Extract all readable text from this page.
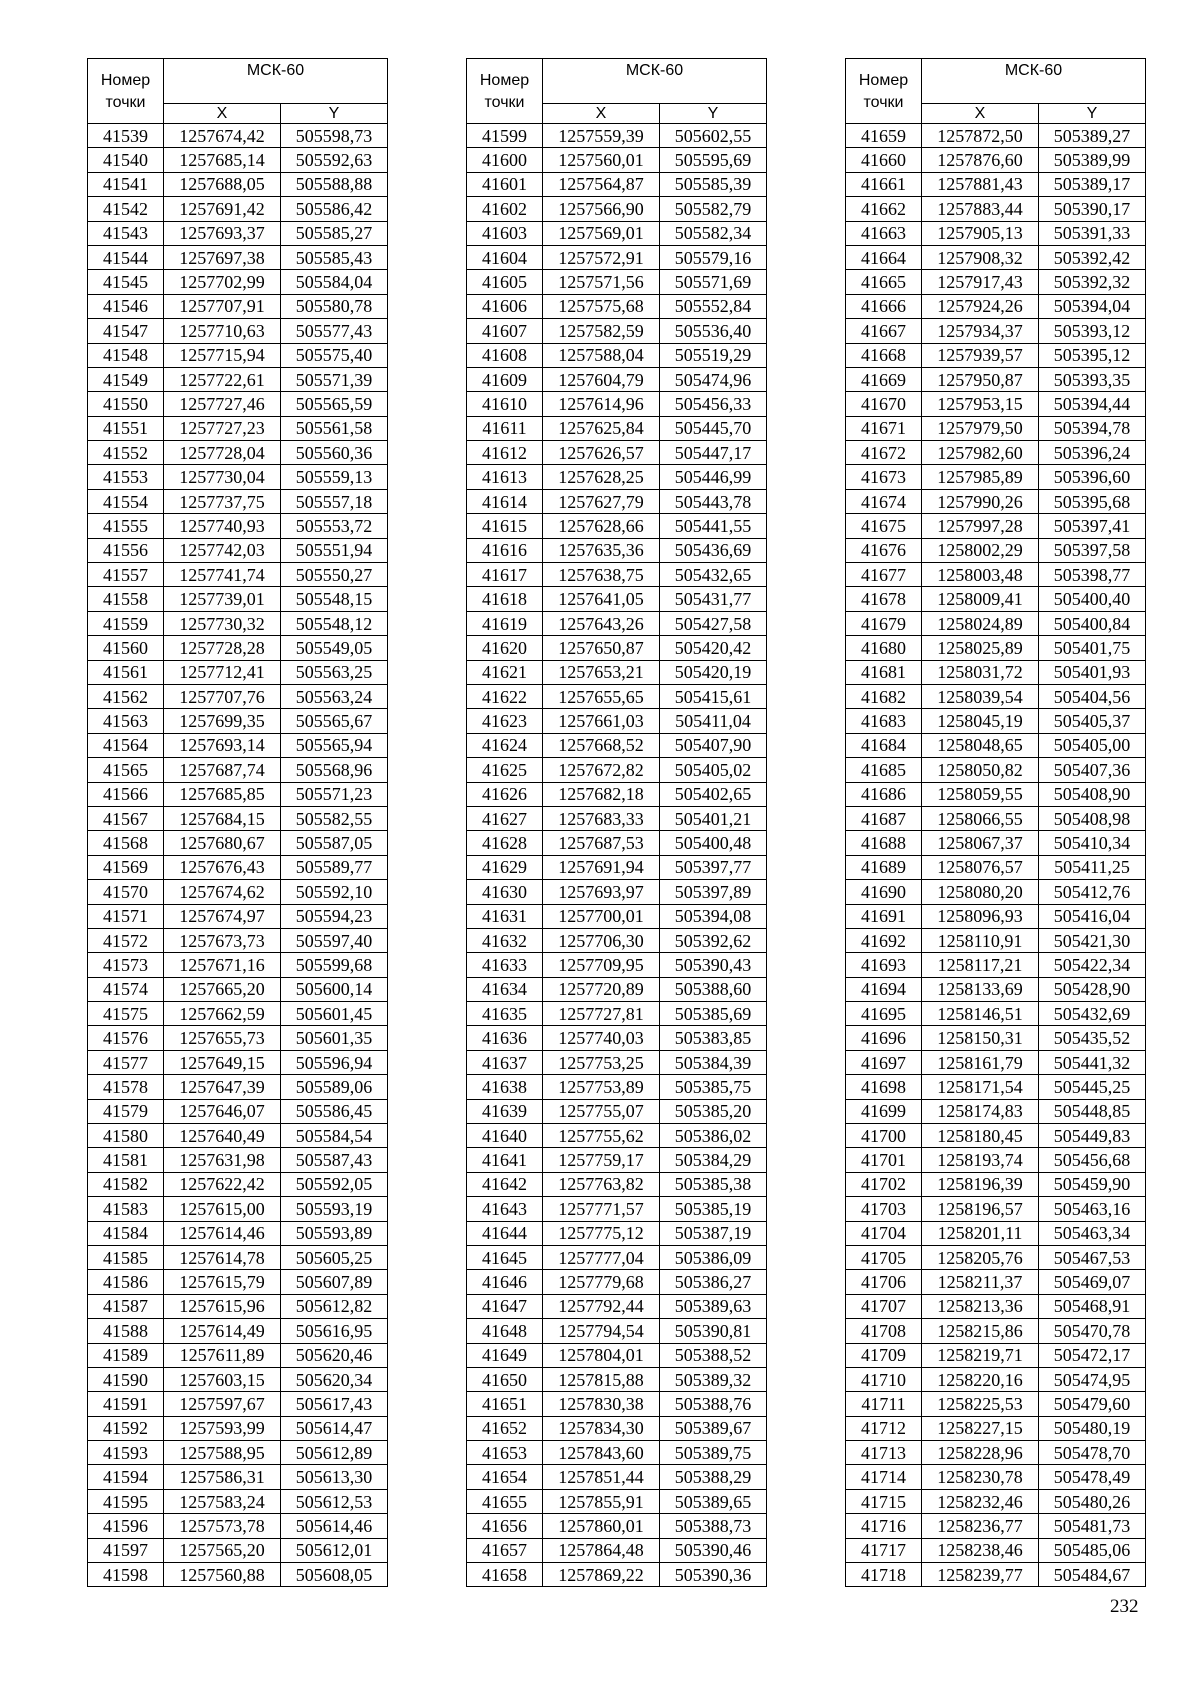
Номер
точки	МСК-60	
	X	Y
41539	1257674,42	505598,73
41540	1257685,14	505592,63
41541	1257688,05	505588,88
41542	1257691,42	505586,42
41543	1257693,37	505585,27
41544	1257697,38	505585,43
41545	1257702,99	505584,04
41546	1257707,91	505580,78
41547	1257710,63	505577,43
41548	1257715,94	505575,40
41549	1257722,61	505571,39
41550	1257727,46	505565,59
41551	1257727,23	505561,58
41552	1257728,04	505560,36
41553	1257730,04	505559,13
41554	1257737,75	505557,18
41555	1257740,93	505553,72
41556	1257742,03	505551,94
41557	1257741,74	505550,27
41558	1257739,01	505548,15
41559	1257730,32	505548,12
41560	1257728,28	505549,05
41561	1257712,41	505563,25
41562	1257707,76	505563,24
41563	1257699,35	505565,67
41564	1257693,14	505565,94
41565	1257687,74	505568,96
41566	1257685,85	505571,23
41567	1257684,15	505582,55
41568	1257680,67	505587,05
41569	1257676,43	505589,77
41570	1257674,62	505592,10
41571	1257674,97	505594,23
41572	1257673,73	505597,40
41573	1257671,16	505599,68
41574	1257665,20	505600,14
41575	1257662,59	505601,45
41576	1257655,73	505601,35
41577	1257649,15	505596,94
41578	1257647,39	505589,06
41579	1257646,07	505586,45
41580	1257640,49	505584,54
41581	1257631,98	505587,43
41582	1257622,42	505592,05
41583	1257615,00	505593,19
41584	1257614,46	505593,89
41585	1257614,78	505605,25
41586	1257615,79	505607,89
41587	1257615,96	505612,82
41588	1257614,49	505616,95
41589	1257611,89	505620,46
41590	1257603,15	505620,34
41591	1257597,67	505617,43
41592	1257593,99	505614,47
41593	1257588,95	505612,89
41594	1257586,31	505613,30
41595	1257583,24	505612,53
41596	1257573,78	505614,46
41597	1257565,20	505612,01
41598	1257560,88	505608,05
Номер
точки	МСК-60	
	X	Y
41599	1257559,39	505602,55
41600	1257560,01	505595,69
41601	1257564,87	505585,39
41602	1257566,90	505582,79
41603	1257569,01	505582,34
41604	1257572,91	505579,16
41605	1257571,56	505571,69
41606	1257575,68	505552,84
41607	1257582,59	505536,40
41608	1257588,04	505519,29
41609	1257604,79	505474,96
41610	1257614,96	505456,33
41611	1257625,84	505445,70
41612	1257626,57	505447,17
41613	1257628,25	505446,99
41614	1257627,79	505443,78
41615	1257628,66	505441,55
41616	1257635,36	505436,69
41617	1257638,75	505432,65
41618	1257641,05	505431,77
41619	1257643,26	505427,58
41620	1257650,87	505420,42
41621	1257653,21	505420,19
41622	1257655,65	505415,61
41623	1257661,03	505411,04
41624	1257668,52	505407,90
41625	1257672,82	505405,02
41626	1257682,18	505402,65
41627	1257683,33	505401,21
41628	1257687,53	505400,48
41629	1257691,94	505397,77
41630	1257693,97	505397,89
41631	1257700,01	505394,08
41632	1257706,30	505392,62
41633	1257709,95	505390,43
41634	1257720,89	505388,60
41635	1257727,81	505385,69
41636	1257740,03	505383,85
41637	1257753,25	505384,39
41638	1257753,89	505385,75
41639	1257755,07	505385,20
41640	1257755,62	505386,02
41641	1257759,17	505384,29
41642	1257763,82	505385,38
41643	1257771,57	505385,19
41644	1257775,12	505387,19
41645	1257777,04	505386,09
41646	1257779,68	505386,27
41647	1257792,44	505389,63
41648	1257794,54	505390,81
41649	1257804,01	505388,52
41650	1257815,88	505389,32
41651	1257830,38	505388,76
41652	1257834,30	505389,67
41653	1257843,60	505389,75
41654	1257851,44	505388,29
41655	1257855,91	505389,65
41656	1257860,01	505388,73
41657	1257864,48	505390,46
41658	1257869,22	505390,36
Номер
точки	МСК-60	
	X	Y
41659	1257872,50	505389,27
41660	1257876,60	505389,99
41661	1257881,43	505389,17
41662	1257883,44	505390,17
41663	1257905,13	505391,33
41664	1257908,32	505392,42
41665	1257917,43	505392,32
41666	1257924,26	505394,04
41667	1257934,37	505393,12
41668	1257939,57	505395,12
41669	1257950,87	505393,35
41670	1257953,15	505394,44
41671	1257979,50	505394,78
41672	1257982,60	505396,24
41673	1257985,89	505396,60
41674	1257990,26	505395,68
41675	1257997,28	505397,41
41676	1258002,29	505397,58
41677	1258003,48	505398,77
41678	1258009,41	505400,40
41679	1258024,89	505400,84
41680	1258025,89	505401,75
41681	1258031,72	505401,93
41682	1258039,54	505404,56
41683	1258045,19	505405,37
41684	1258048,65	505405,00
41685	1258050,82	505407,36
41686	1258059,55	505408,90
41687	1258066,55	505408,98
41688	1258067,37	505410,34
41689	1258076,57	505411,25
41690	1258080,20	505412,76
41691	1258096,93	505416,04
41692	1258110,91	505421,30
41693	1258117,21	505422,34
41694	1258133,69	505428,90
41695	1258146,51	505432,69
41696	1258150,31	505435,52
41697	1258161,79	505441,32
41698	1258171,54	505445,25
41699	1258174,83	505448,85
41700	1258180,45	505449,83
41701	1258193,74	505456,68
41702	1258196,39	505459,90
41703	1258196,57	505463,16
41704	1258201,11	505463,34
41705	1258205,76	505467,53
41706	1258211,37	505469,07
41707	1258213,36	505468,91
41708	1258215,86	505470,78
41709	1258219,71	505472,17
41710	1258220,16	505474,95
41711	1258225,53	505479,60
41712	1258227,15	505480,19
41713	1258228,96	505478,70
41714	1258230,78	505478,49
41715	1258232,46	505480,26
41716	1258236,77	505481,73
41717	1258238,46	505485,06
41718	1258239,77	505484,67
232
